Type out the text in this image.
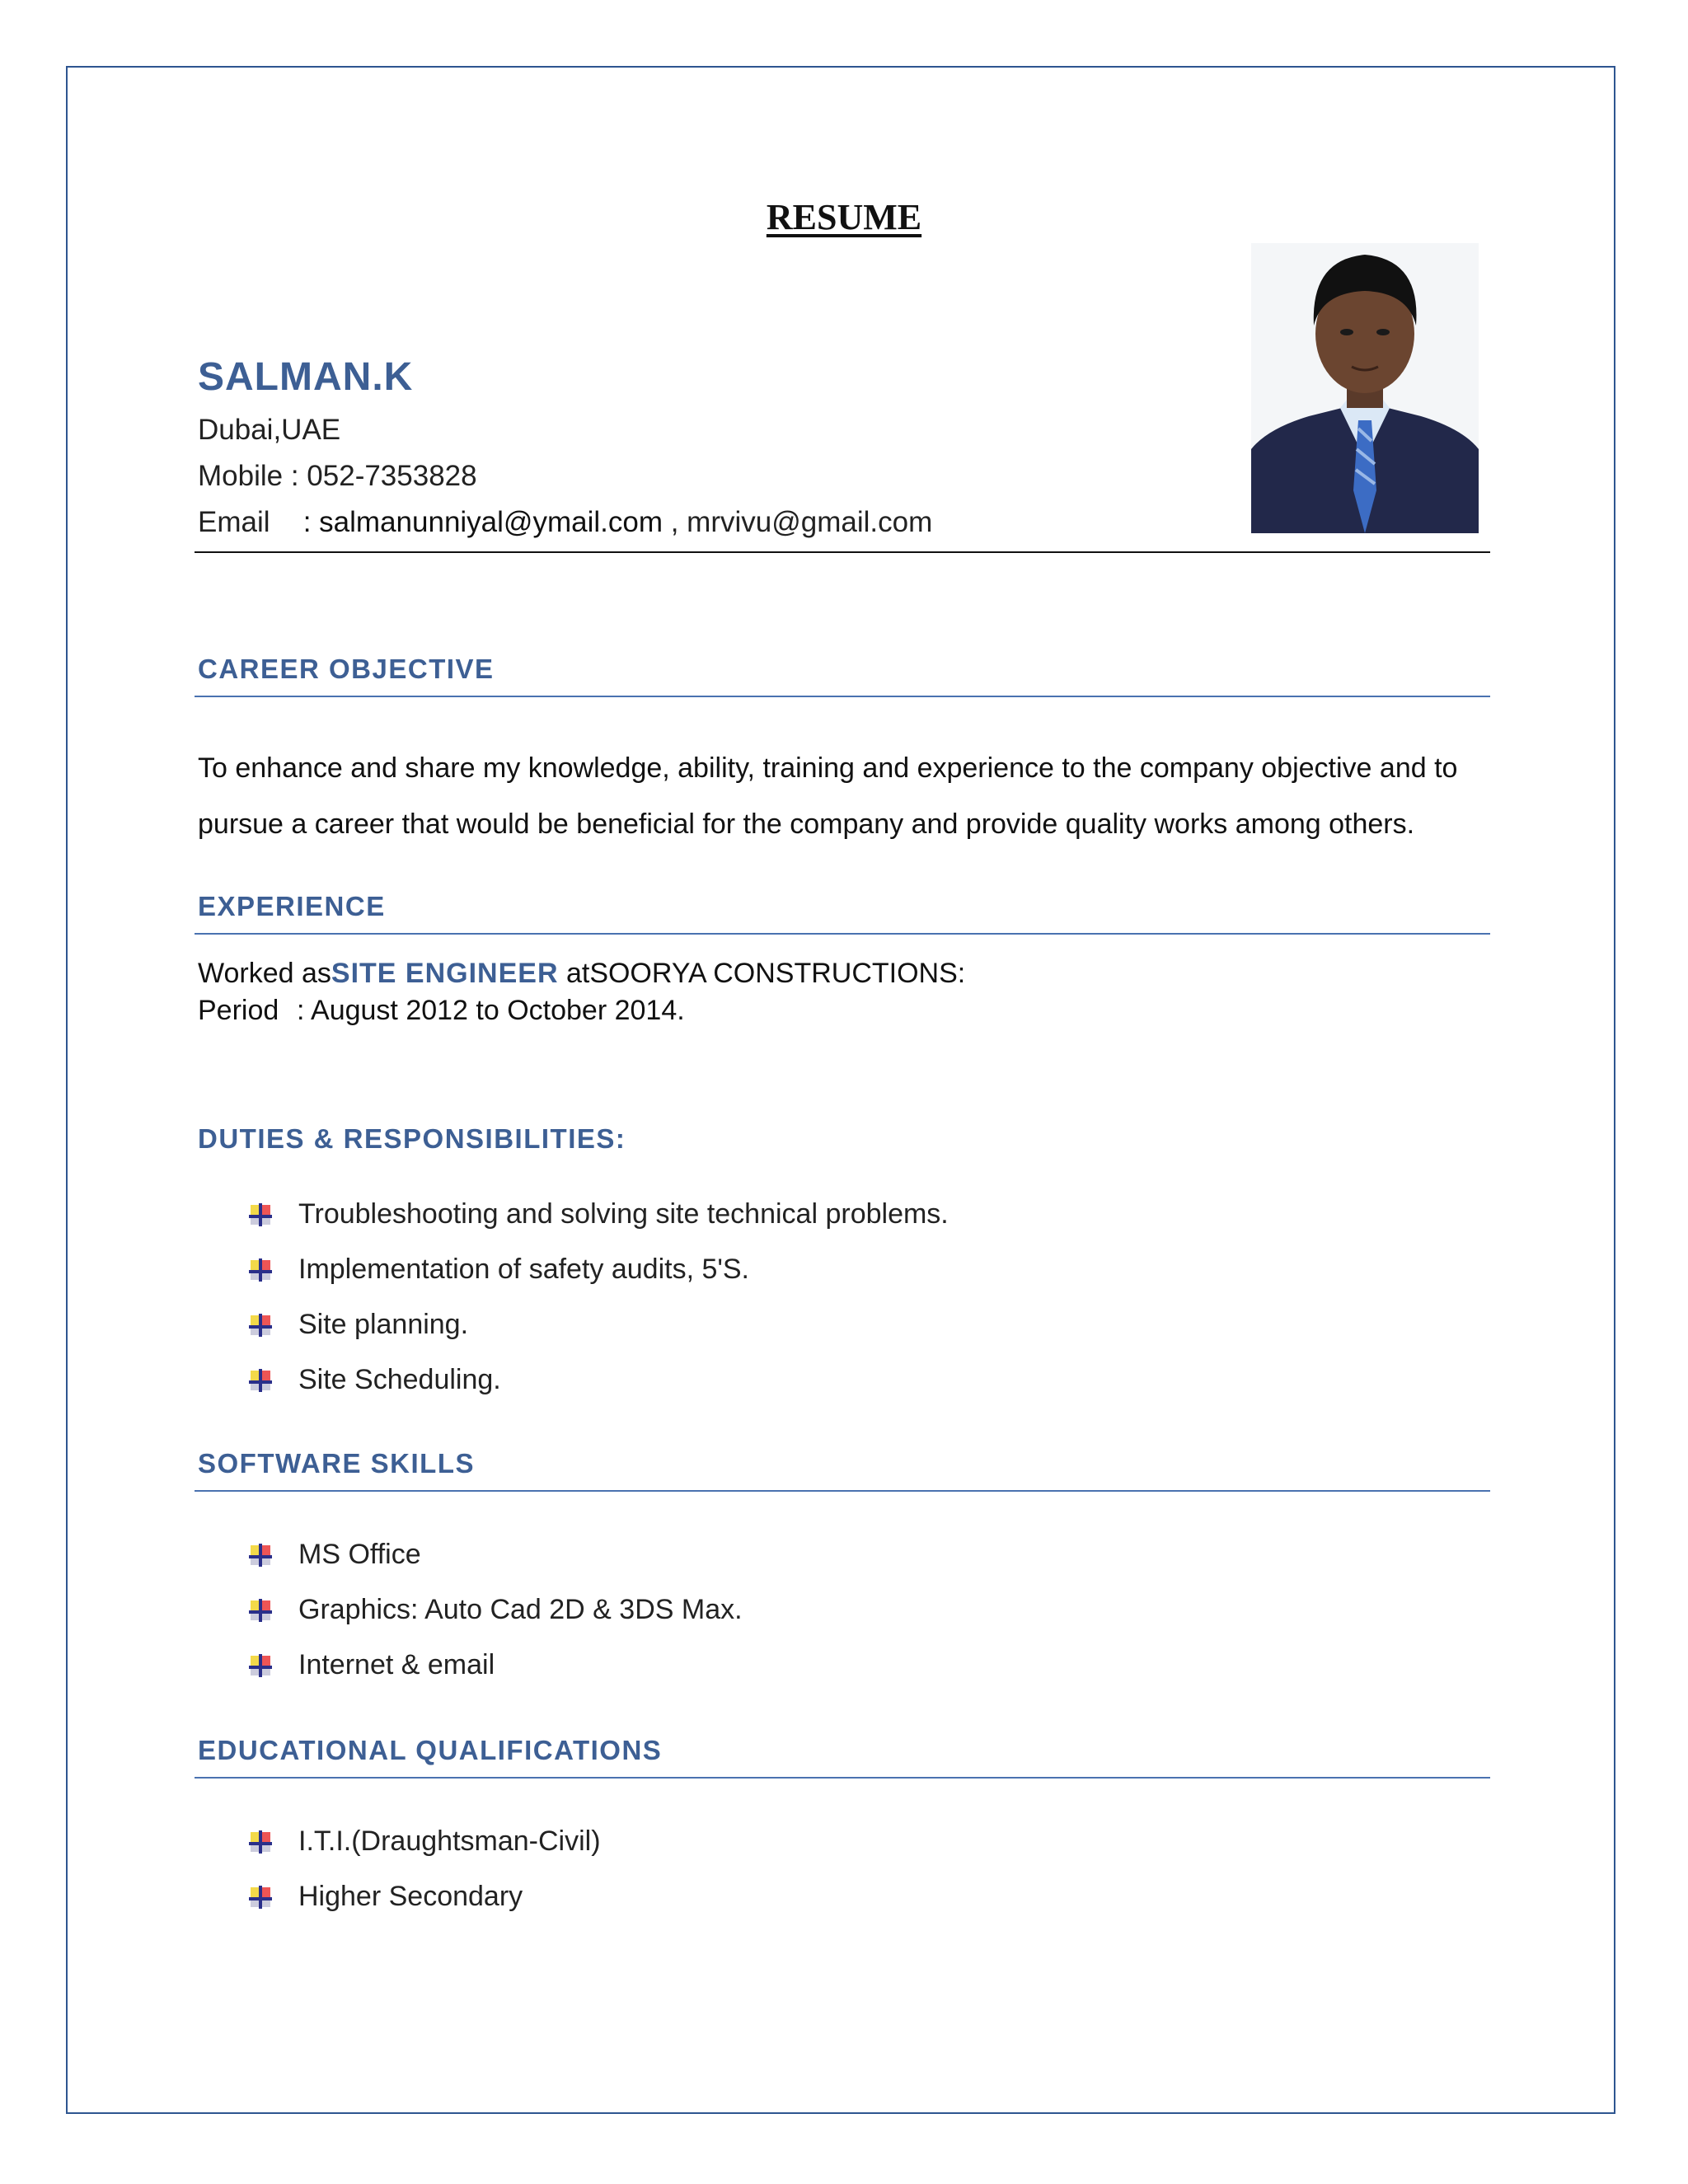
RESUME
SALMAN.K
Dubai,UAE
Mobile : 052-7353828
Email : salmanunniyal@ymail.com , mrvivu@gmail.com
CAREER OBJECTIVE
To enhance and share my knowledge, ability, training and experience to the company objective and to pursue a career that would be beneficial for the company and provide quality works among others.
EXPERIENCE
Worked asSITE ENGINEER atSOORYA CONSTRUCTIONS:
Period : August 2012 to October 2014.
DUTIES & RESPONSIBILITIES:
Troubleshooting and solving site technical problems.
Implementation of safety audits, 5'S.
Site planning.
Site Scheduling.
SOFTWARE SKILLS
MS Office
Graphics: Auto Cad 2D & 3DS Max.
Internet & email
EDUCATIONAL QUALIFICATIONS
I.T.I.(Draughtsman-Civil)
Higher Secondary
